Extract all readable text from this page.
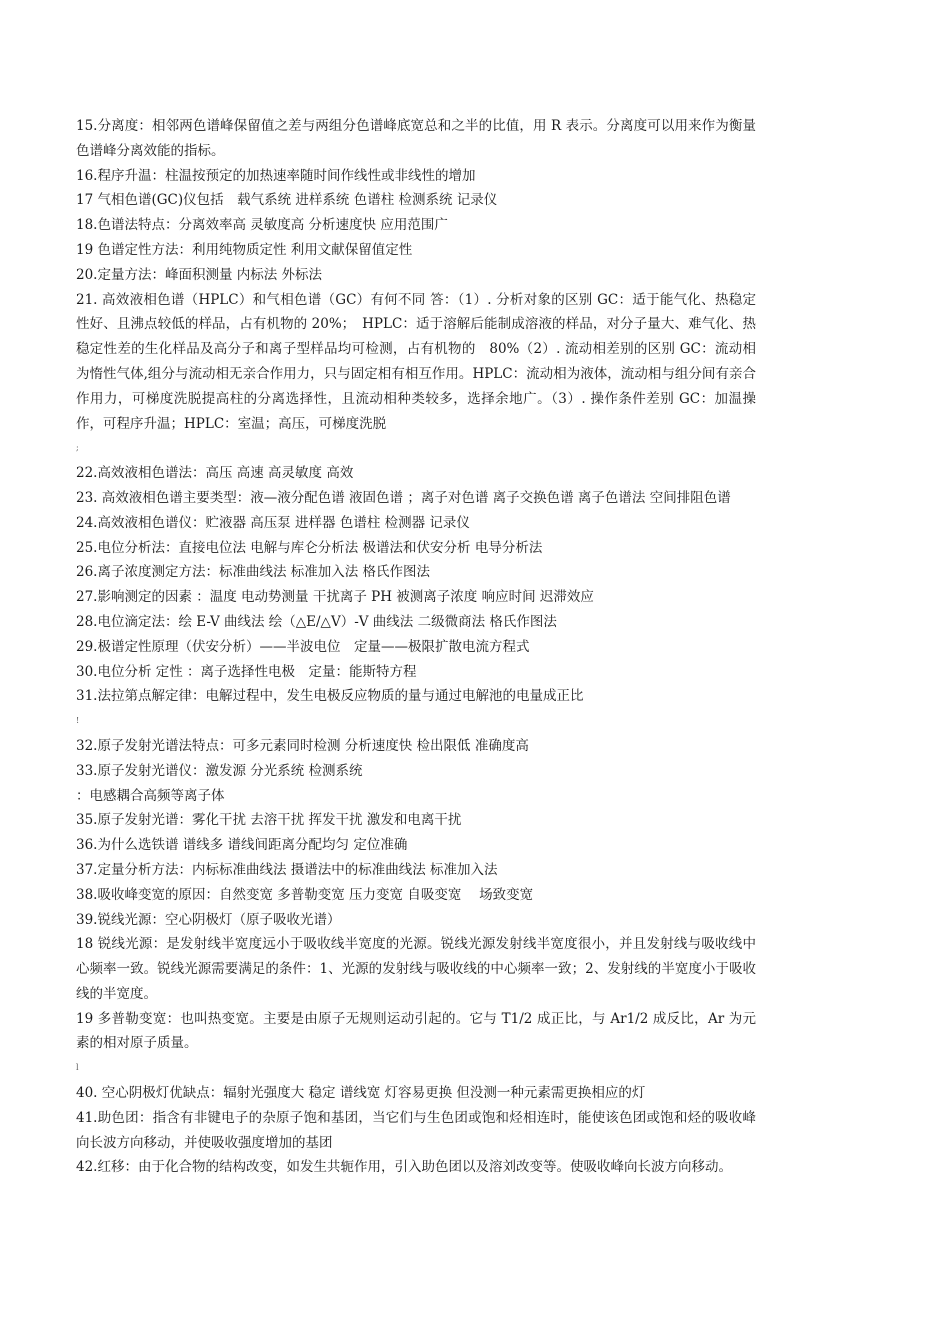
15.分离度：相邻两色谱峰保留值之差与两组分色谱峰底宽总和之半的比值，用 R 表示。分离度可以用来作为衡量色谱峰分离效能的指标。

16.程序升温：柱温按预定的加热速率随时间作线性或非线性的增加

17 气相色谱(GC)仪包括　载气系统 进样系统 色谱柱 检测系统 记录仪

18.色谱法特点：分离效率高 灵敏度高 分析速度快 应用范围广

19 色谱定性方法：利用纯物质定性 利用文献保留值定性

20.定量方法：峰面积测量 内标法 外标法

21. 高效液相色谱（HPLC）和气相色谱（GC）有何不同 答：（1）. 分析对象的区别 GC：适于能气化、热稳定性好、且沸点较低的样品，占有机物的 20%；　HPLC：适于溶解后能制成溶液的样品，对分子量大、难气化、热稳定性差的生化样品及高分子和离子型样品均可检测，占有机物的　80%（2）. 流动相差别的区别 GC：流动相为惰性气体,组分与流动相无亲合作用力，只与固定相有相互作用。HPLC：流动相为液体，流动相与组分间有亲合作用力，可梯度洗脱提高柱的分离选择性，且流动相种类较多，选择余地广。（3）. 操作条件差别 GC：加温操作，可程序升温；HPLC：室温；高压，可梯度洗脱

;

22.高效液相色谱法：高压 高速 高灵敏度 高效

23. 高效液相色谱主要类型：液—液分配色谱 液固色谱 ；离子对色谱 离子交换色谱 离子色谱法 空间排阻色谱

24.高效液相色谱仪：贮液器 高压泵 进样器 色谱柱 检测器 记录仪

25.电位分析法：直接电位法 电解与库仑分析法 极谱法和伏安分析 电导分析法

26.离子浓度测定方法：标准曲线法 标准加入法 格氏作图法

27.影响测定的因素 ：温度 电动势测量 干扰离子 PH 被测离子浓度 响应时间 迟滞效应

28.电位滴定法：绘 E-V 曲线法 绘（△E/△V）-V 曲线法 二级微商法 格氏作图法

29.极谱定性原理（伏安分析）——半波电位　定量——极限扩散电流方程式

30.电位分析 定性 ：离子选择性电极　定量：能斯特方程

31.法拉第点解定律：电解过程中，发生电极反应物质的量与通过电解池的电量成正比

!

32.原子发射光谱法特点：可多元素同时检测 分析速度快 检出限低 准确度高

33.原子发射光谱仪：激发源 分光系统 检测系统

：电感耦合高频等离子体

35.原子发射光谱：雾化干扰 去溶干扰 挥发干扰 激发和电离干扰

36.为什么选铁谱 谱线多 谱线间距离分配均匀 定位准确

37.定量分析方法：内标标准曲线法 摄谱法中的标准曲线法 标准加入法

38.吸收峰变宽的原因：自然变宽 多普勒变宽 压力变宽 自吸变宽　 场致变宽

39.锐线光源：空心阴极灯（原子吸收光谱）

18 锐线光源：是发射线半宽度远小于吸收线半宽度的光源。锐线光源发射线半宽度很小，并且发射线与吸收线中心频率一致。锐线光源需要满足的条件：1、光源的发射线与吸收线的中心频率一致；2、发射线的半宽度小于吸收线的半宽度。

19 多普勒变宽：也叫热变宽。主要是由原子无规则运动引起的。它与 T1/2 成正比，与 Ar1/2 成反比，Ar 为元素的相对原子质量。

l

40. 空心阴极灯优缺点：辐射光强度大 稳定 谱线宽 灯容易更换 但没测一种元素需更换相应的灯

41.助色团：指含有非键电子的杂原子饱和基团，当它们与生色团或饱和烃相连时，能使该色团或饱和烃的吸收峰向长波方向移动，并使吸收强度增加的基团

42.红移：由于化合物的结构改变，如发生共轭作用，引入助色团以及溶刘改变等。使吸收峰向长波方向移动。
